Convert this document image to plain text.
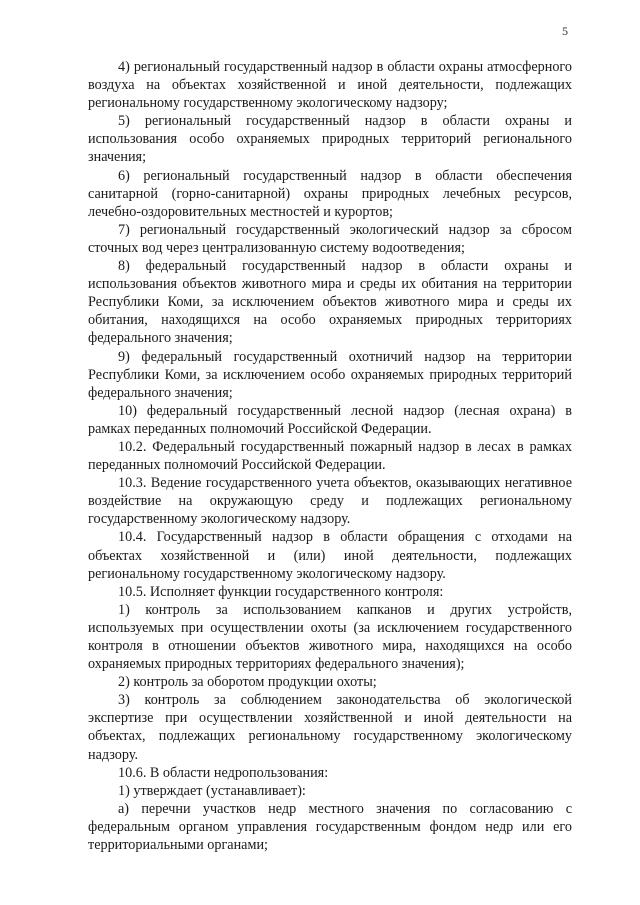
5

4) региональный государственный надзор в области охраны атмосферного воздуха на объектах хозяйственной и иной деятельности, подлежащих региональному государственному экологическому надзору;

5) региональный государственный надзор в области охраны и использования особо охраняемых природных территорий регионального значения;

6) региональный государственный надзор в области обеспечения санитарной (горно-санитарной) охраны природных лечебных ресурсов, лечебно-оздоровительных местностей и курортов;

7) региональный государственный экологический надзор за сбросом сточных вод через централизованную систему водоотведения;

8) федеральный государственный надзор в области охраны и использования объектов животного мира и среды их обитания на территории Республики Коми, за исключением объектов животного мира и среды их обитания, находящихся на особо охраняемых природных территориях федерального значения;

9) федеральный государственный охотничий надзор на территории Республики Коми, за исключением особо охраняемых природных территорий федерального значения;

10) федеральный государственный лесной надзор (лесная охрана) в рамках переданных полномочий Российской Федерации.

10.2. Федеральный государственный пожарный надзор в лесах в рамках переданных полномочий Российской Федерации.

10.3. Ведение государственного учета объектов, оказывающих негативное воздействие на окружающую среду и подлежащих региональному государственному экологическому надзору.

10.4. Государственный надзор в области обращения с отходами на объектах хозяйственной и (или) иной деятельности, подлежащих региональному государственному экологическому надзору.

10.5. Исполняет функции государственного контроля:

1) контроль за использованием капканов и других устройств, используемых при осуществлении охоты (за исключением государственного контроля в отношении объектов животного мира, находящихся на особо охраняемых природных территориях федерального значения);

2) контроль за оборотом продукции охоты;

3) контроль за соблюдением законодательства об экологической экспертизе при осуществлении хозяйственной и иной деятельности на объектах, подлежащих региональному государственному экологическому надзору.

10.6. В области недропользования:

1) утверждает (устанавливает):

а) перечни участков недр местного значения по согласованию с федеральным органом управления государственным фондом недр или его территориальными органами;
